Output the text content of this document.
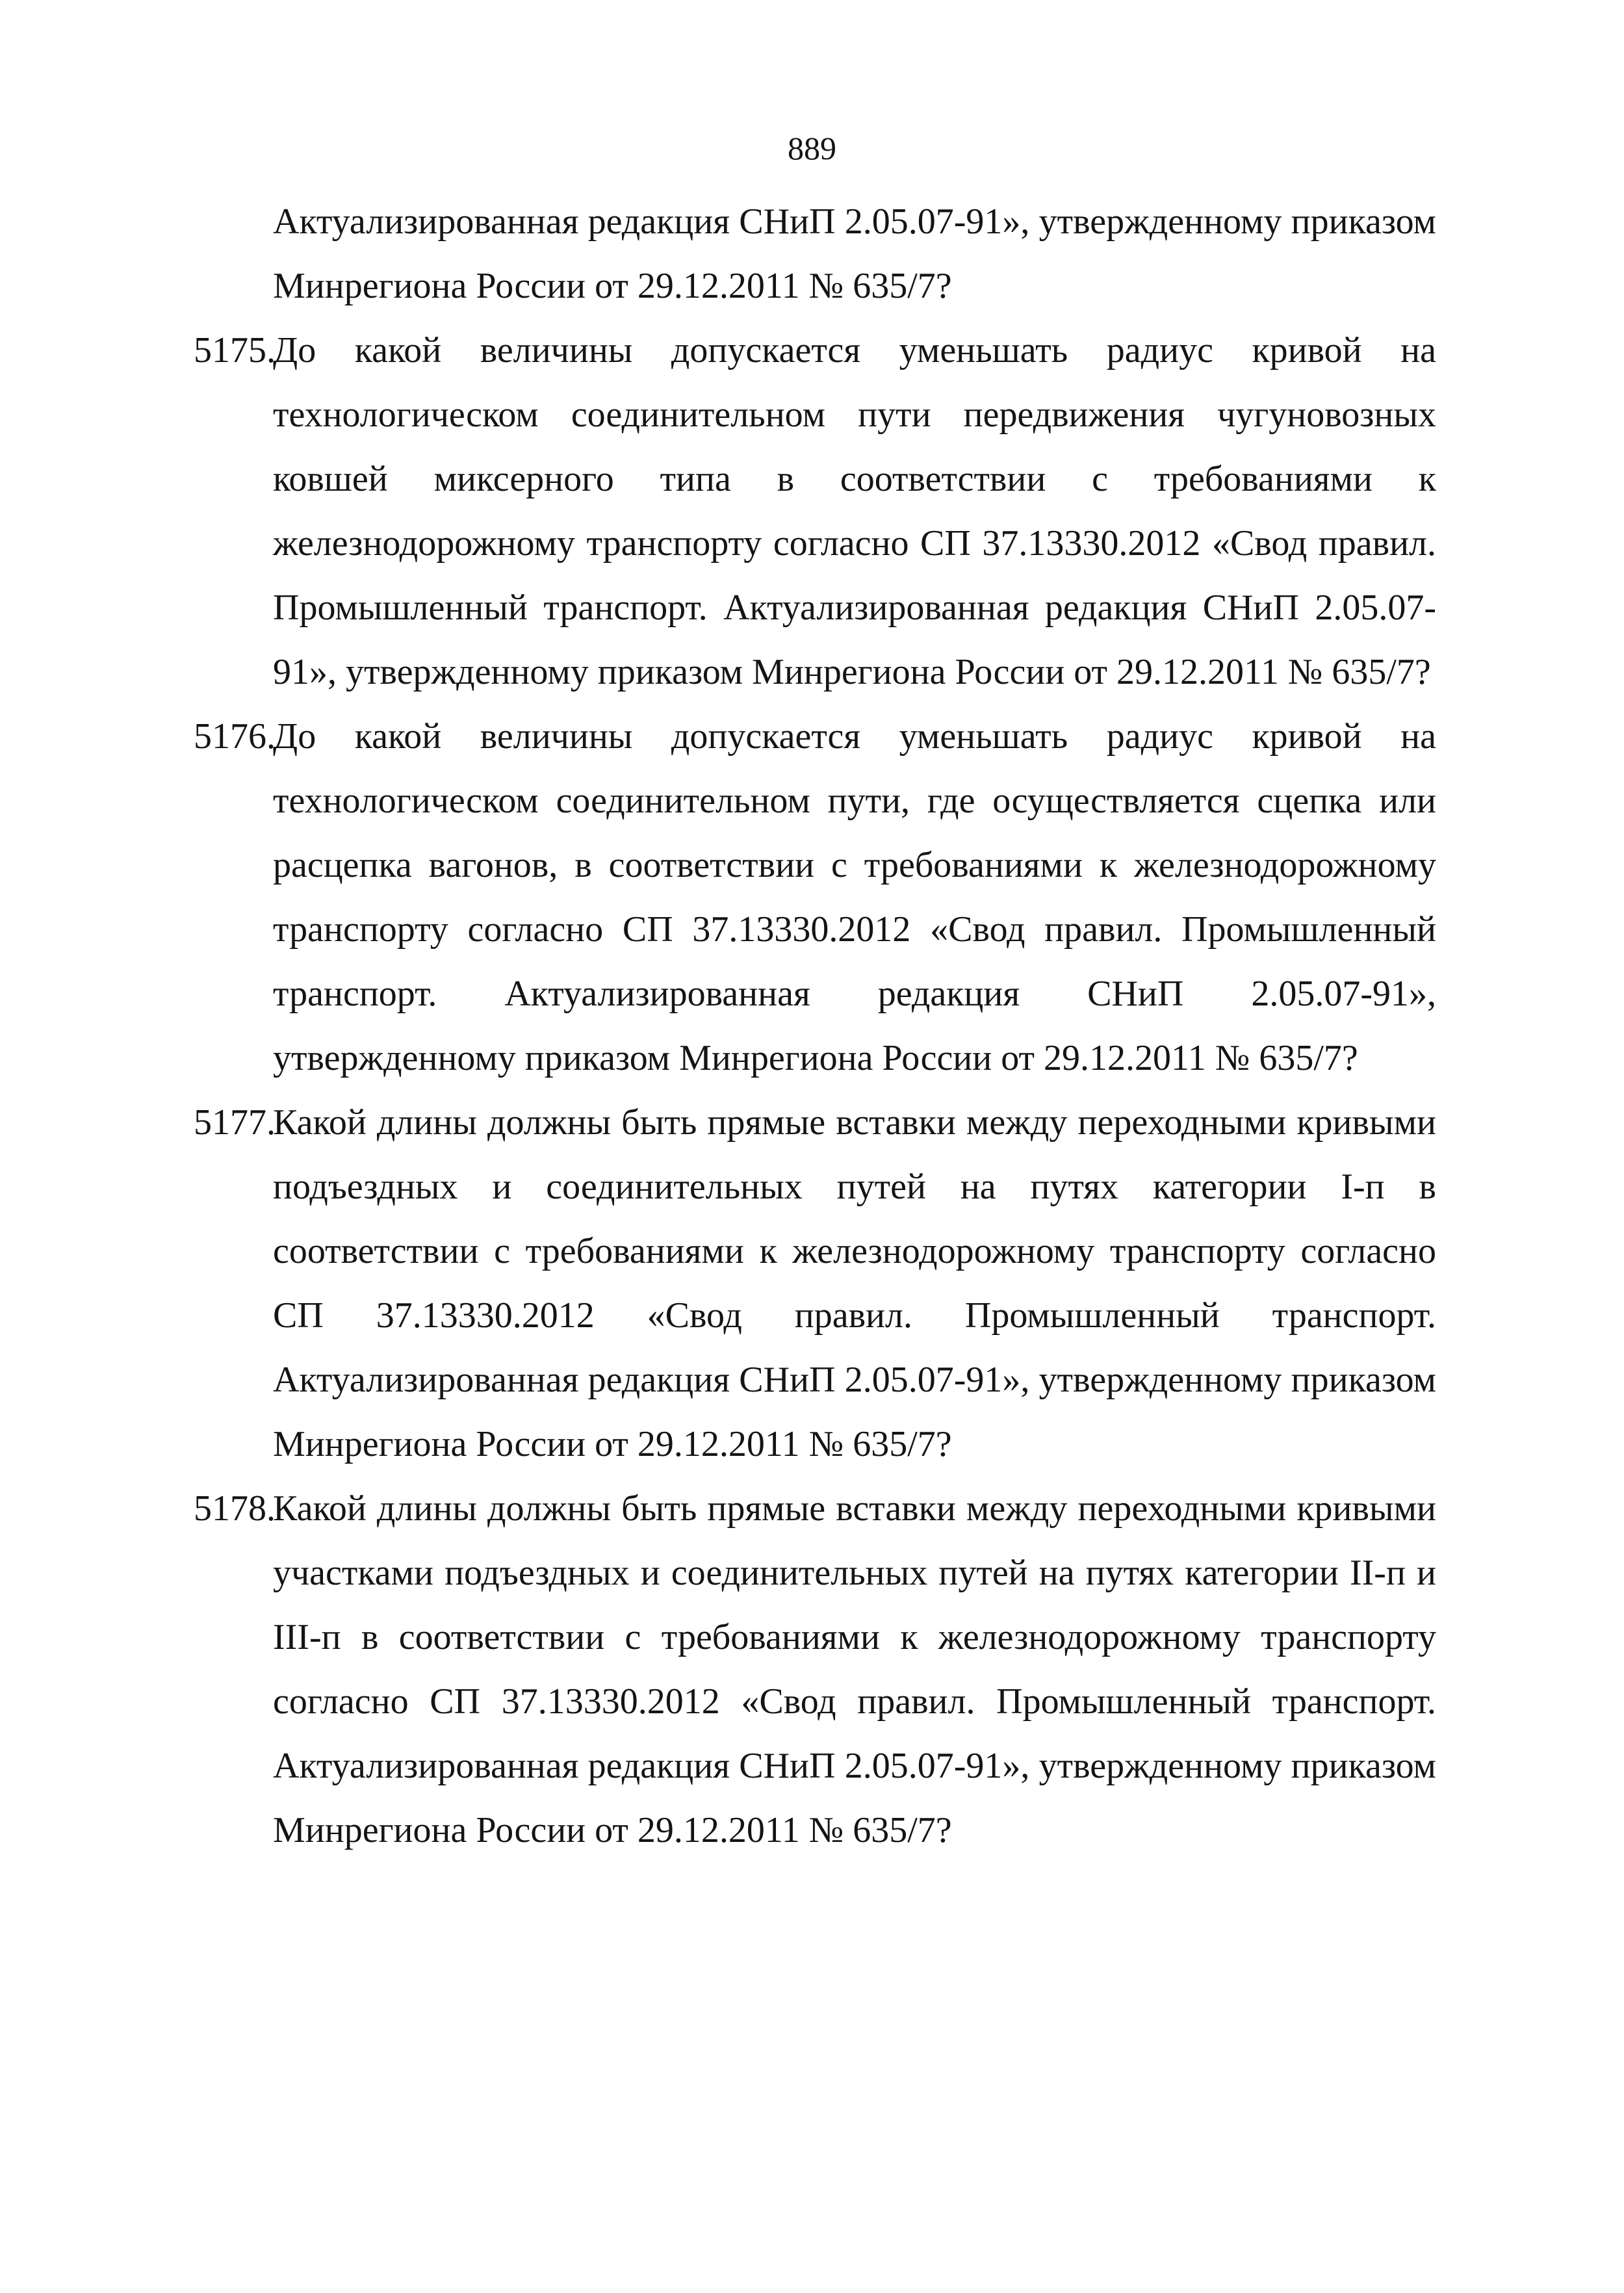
889

Актуализированная редакция СНиП 2.05.07-91», утвержденному приказом Минрегиона России от 29.12.2011 № 635/7?

5175.
До какой величины допускается уменьшать радиус кривой на технологическом соединительном пути передвижения чугуновозных ковшей миксерного типа в соответствии с требованиями к железнодорожному транспорту согласно СП 37.13330.2012 «Свод правил. Промышленный транспорт. Актуализированная редакция СНиП 2.05.07-91», утвержденному приказом Минрегиона России от 29.12.2011 № 635/7?
5176.
До какой величины допускается уменьшать радиус кривой на технологическом соединительном пути, где осуществляется сцепка или расцепка вагонов, в соответствии с требованиями к железнодорожному транспорту согласно СП 37.13330.2012 «Свод правил. Промышленный транспорт. Актуализированная редакция СНиП 2.05.07-91», утвержденному приказом Минрегиона России от 29.12.2011 № 635/7?
5177.
Какой длины должны быть прямые вставки между переходными кривыми подъездных и соединительных путей на путях категории I-п в соответствии с требованиями к железнодорожному транспорту согласно СП 37.13330.2012 «Свод правил. Промышленный транспорт. Актуализированная редакция СНиП 2.05.07-91», утвержденному приказом Минрегиона России от 29.12.2011 № 635/7?
5178.
Какой длины должны быть прямые вставки между переходными кривыми участками подъездных и соединительных путей на путях категории II-п и III-п в соответствии с требованиями к железнодорожному транспорту согласно СП 37.13330.2012 «Свод правил. Промышленный транспорт. Актуализированная редакция СНиП 2.05.07-91», утвержденному приказом Минрегиона России от 29.12.2011 № 635/7?
